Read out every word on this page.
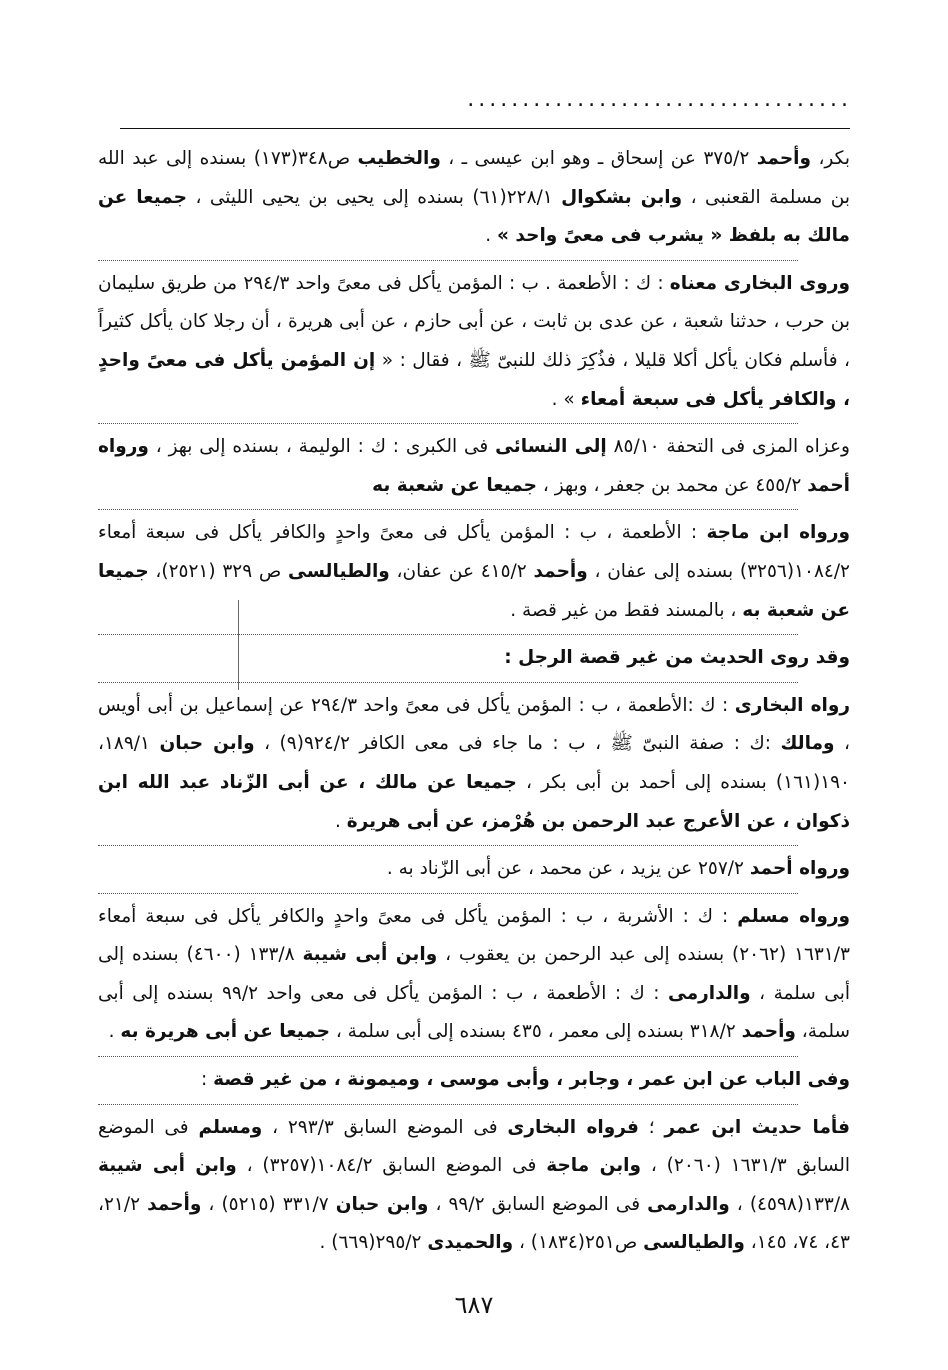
...................................

بكر، وأحمد ٣٧٥/٢ عن إسحاق ـ وهو ابن عيسى ـ ، والخطيب ص٣٤٨(١٧٣) بسنده إلى عبد الله بن مسلمة القعنبى ، وابن بشكوال ٢٢٨/١(٦١) بسنده إلى يحيى بن يحيى الليثى ، جميعا عن مالك به بلفظ « يشرب فى معىً واحد » .

وروى البخارى معناه : ك : الأطعمة . ب : المؤمن يأكل فى معىً واحد ٢٩٤/٣ من طريق سليمان بن حرب ، حدثنا شعبة ، عن عدى بن ثابت ، عن أبى حازم ، عن أبى هريرة ، أن رجلا كان يأكل كثيراً ، فأسلم فكان يأكل أكلا قليلا ، فذُكِرَ ذلك للنبىّ ﷺ ، فقال : « إن المؤمن يأكل فى معىً واحدٍ ، والكافر يأكل فى سبعة أمعاء » .

وعزاه المزى فى التحفة ٨٥/١٠ إلى النسائى فى الكبرى : ك : الوليمة ، بسنده إلى بهز ، ورواه أحمد ٤٥٥/٢ عن محمد بن جعفر ، وبهز ، جميعا عن شعبة به

ورواه ابن ماجة : الأطعمة ، ب : المؤمن يأكل فى معىً واحدٍ والكافر يأكل فى سبعة أمعاء ١٠٨٤/٢(٣٢٥٦) بسنده إلى عفان ، وأحمد ٤١٥/٢ عن عفان، والطيالسى ص ٣٢٩ (٢٥٢١)، جميعا عن شعبة به ، بالمسند فقط من غير قصة .

وقد روى الحديث من غير قصة الرجل :

رواه البخارى : ك :الأطعمة ، ب : المؤمن يأكل فى معىً واحد ٢٩٤/٣ عن إسماعيل بن أبى أويس ، ومالك :ك : صفة النبىّ ﷺ ، ب : ما جاء فى معى الكافر ٩٢٤/٢(٩) ، وابن حبان ١٨٩/١، ١٩٠(١٦١) بسنده إلى أحمد بن أبى بكر ، جميعا عن مالك ، عن أبى الزّناد عبد الله ابن ذكوان ، عن الأعرج عبد الرحمن بن هُرْمز، عن أبى هريرة .

ورواه أحمد ٢٥٧/٢ عن يزيد ، عن محمد ، عن أبى الزّناد به .

ورواه مسلم : ك : الأشربة ، ب : المؤمن يأكل فى معىً واحدٍ والكافر يأكل فى سبعة أمعاء ١٦٣١/٣ (٢٠٦٢) بسنده إلى عبد الرحمن بن يعقوب ، وابن أبى شيبة ١٣٣/٨ (٤٦٠٠) بسنده إلى أبى سلمة ، والدارمى : ك : الأطعمة ، ب : المؤمن يأكل فى معى واحد ٩٩/٢ بسنده إلى أبى سلمة، وأحمد ٣١٨/٢ بسنده إلى معمر ، ٤٣٥ بسنده إلى أبى سلمة ، جميعا عن أبى هريرة به .

وفى الباب عن ابن عمر ، وجابر ، وأبى موسى ، وميمونة ، من غير قصة :

فأما حديث ابن عمر ؛ فرواه البخارى فى الموضع السابق ٢٩٣/٣ ، ومسلم فى الموضع السابق ١٦٣١/٣ (٢٠٦٠) ، وابن ماجة فى الموضع السابق ١٠٨٤/٢(٣٢٥٧) ، وابن أبى شيبة ١٣٣/٨(٤٥٩٨) ، والدارمى فى الموضع السابق ٩٩/٢ ، وابن حبان ٣٣١/٧ (٥٢١٥) ، وأحمد ٢١/٢، ٤٣، ٧٤، ١٤٥، والطيالسى ص٢٥١(١٨٣٤) ، والحميدى ٢٩٥/٢(٦٦٩) .

٦٨٧
